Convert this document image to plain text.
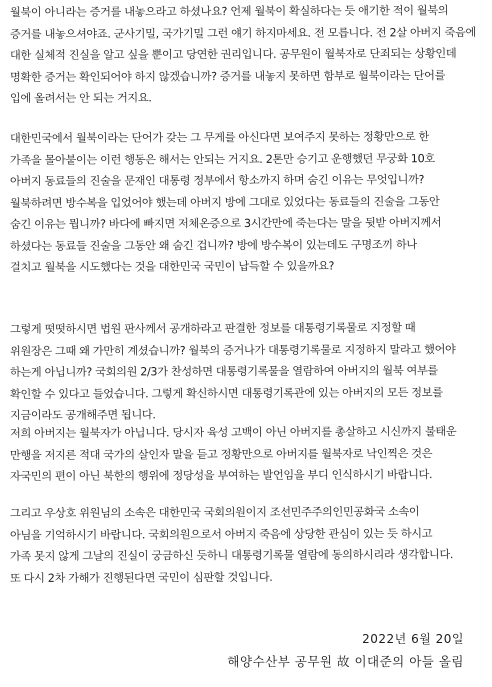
월북이 아니라는 증거를 내놓으라고 하셨나요? 언제 월북이 확실하다는 듯 애기한 적이 월북의
증거를 내놓으셔야죠. 군사기밀, 국가기밀 그런 얘기 하지마세요. 전 모릅니다. 전 2살 아버지 죽음에
대한 실체적 진실을 알고 싶을 뿐이고 당연한 권리입니다. 공무원이 월북자로 단죄되는 상황인데
명확한 증거는 확인되어야 하지 않겠습니까? 증거를 내놓지 못하면 함부로 월북이라는 단어를
입에 올려서는 안 되는 거지요.

대한민국에서 월북이라는 단어가 갖는 그 무게를 아신다면 보여주지 못하는 정황만으로 한
가족을 몰아붙이는 이런 행동은 해서는 안되는 거지요. 2톤만 승기고 운행했던 무궁화 10호
아버지 동료들의 진술을 문재인 대통령 정부에서 항소까지 하며 숨긴 이유는 무엇입니까?
월북하려면 방수복을 입었어야 했는데 아버지 방에 그대로 있었다는 동료들의 진술을 그동안
숨긴 이유는 뭡니까? 바다에 빠지면 저체온증으로 3시간만에 죽는다는 말을 뒷받 아버지께서
하셨다는 동료들 진술을 그동안 왜 숨긴 겁니까? 방에 방수복이 있는데도 구명조끼 하나
걸치고 월북을 시도했다는 것을 대한민국 국민이 납득할 수 있을까요?

그렇게 떳떳하시면 법원 판사께서 공개하라고 판결한 정보를 대통령기록물로 지정할 때
위원장은 그때 왜 가만히 계셨습니까? 월북의 증거나가 대통령기록물로 지정하지 말라고 했어야
하는게 아닙니까? 국회의원 2/3가 찬성하면 대통령기록물을 열람하여 아버지의 월북 여부를
확인할 수 있다고 들었습니다. 그렇게 확신하시면 대통령기록관에 있는 아버지의 모든 정보를
지금이라도 공개해주면 됩니다.

저희 아버지는 월북자가 아닙니다. 당시자 육성 고백이 아닌 아버지를 총살하고 시신까지 불태운
만행을 저지른 적대 국가의 살인자 말을 듣고 정황만으로 아버지를 월북자로 낙인찍은 것은
자국민의 편이 아닌 북한의 행위에 정당성을 부여하는 발언임을 부디 인식하시기 바랍니다.

그리고 우상호 위원님의 소속은 대한민국 국회의원이지 조선민주주의인민공화국 소속이
아님을 기억하시기 바랍니다. 국회의원으로서 아버지 죽음에 상당한 관심이 있는 듯 하시고
가족 못지 않게 그날의 진실이 궁금하신 듯하니 대통령기록물 열람에 동의하시리라 생각합니다.
또 다시 2차 가해가 진행된다면 국민이 심판할 것입니다.

2022년 6월 20일
해양수산부 공무원 故 이대준의 아들 올림
